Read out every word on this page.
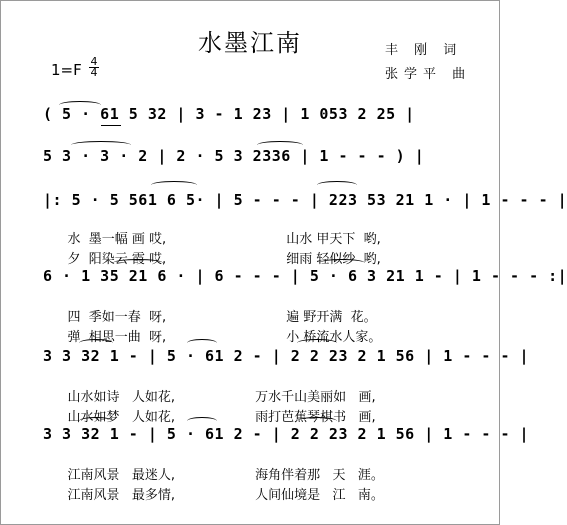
水墨江南
1=F 4
4
丰 刚 词
张学平 曲
( 5 · 61 5 32 | 3 - 1 23 | 1 053 2 25 |
5 3 · 3 · 2 | 2 · 5 3 2336 | 1 - - - ) |
|: 5 · 5 561 6 5· | 5 - - - | 223 53 21 1 · | 1 - - - |

水  墨一幅 画 哎,	山水 甲天下  哟,

夕  阳染云 霞 哎,	细雨 轻似纱  哟,

6 · 1 35 21 6 · | 6 - - - | 5 · 6 3 21 1 - | 1 - - - :|

四  季如一春  呀,	遍 野开满  花。

弹  相思一曲  呀,	小 桥流水人家。

3 3 32 1 - | 5 · 61 2 - | 2 2 23 2 1 56 | 1 - - - |

山水如诗   人如花,	万水千山美丽如   画,

山水如梦   人如花,	雨打芭蕉琴棋书   画,

3 3 32 1 - | 5 · 61 2 - | 2 2 23 2 1 56 | 1 - - - |

江南风景   最迷人,	海角伴着那   天   涯。

江南风景   最多情,	人间仙境是   江   南。
